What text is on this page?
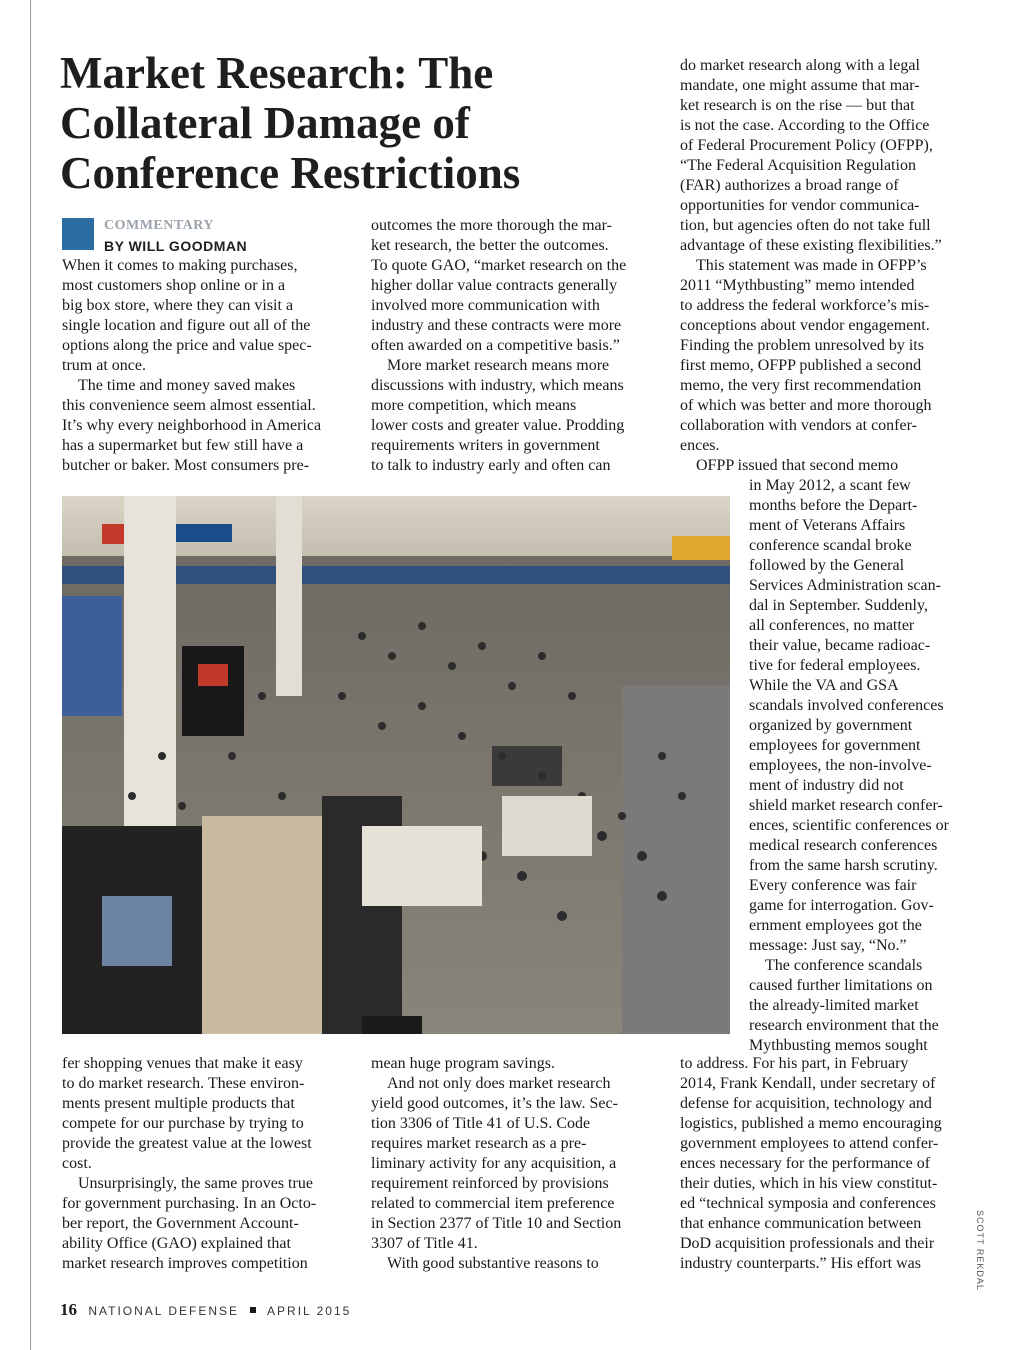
Market Research: The
Collateral Damage of
Conference Restrictions
COMMENTARY
BY WILL GOODMAN
When it comes to making purchases,
most customers shop online or in a
big box store, where they can visit a
single location and figure out all of the
options along the price and value spec-
trum at once.
The time and money saved makes
this convenience seem almost essential.
It’s why every neighborhood in America
has a supermarket but few still have a
butcher or baker. Most consumers pre-
outcomes the more thorough the mar-
ket research, the better the outcomes.
To quote GAO, “market research on the
higher dollar value contracts generally
involved more communication with
industry and these contracts were more
often awarded on a competitive basis.”
More market research means more
discussions with industry, which means
more competition, which means
lower costs and greater value. Prodding
requirements writers in government
to talk to industry early and often can
do market research along with a legal
mandate, one might assume that mar-
ket research is on the rise — but that
is not the case. According to the Office
of Federal Procurement Policy (OFPP),
“The Federal Acquisition Regulation
(FAR) authorizes a broad range of
opportunities for vendor communica-
tion, but agencies often do not take full
advantage of these existing flexibilities.”
This statement was made in OFPP’s
2011 “Mythbusting” memo intended
to address the federal workforce’s mis-
conceptions about vendor engagement.
Finding the problem unresolved by its
first memo, OFPP published a second
memo, the very first recommendation
of which was better and more thorough
collaboration with vendors at confer-
ences.
OFPP issued that second memo
in May 2012, a scant few
months before the Depart-
ment of Veterans Affairs
conference scandal broke
followed by the General
Services Administration scan-
dal in September. Suddenly,
all conferences, no matter
their value, became radioac-
tive for federal employees.
While the VA and GSA
scandals involved conferences
organized by government
employees for government
employees, the non-involve-
ment of industry did not
shield market research confer-
ences, scientific conferences or
medical research conferences
from the same harsh scrutiny.
Every conference was fair
game for interrogation. Gov-
ernment employees got the
message: Just say, “No.”
The conference scandals
caused further limitations on
the already-limited market
research environment that the
Mythbusting memos sought
fer shopping venues that make it easy
to do market research. These environ-
ments present multiple products that
compete for our purchase by trying to
provide the greatest value at the lowest
cost.
Unsurprisingly, the same proves true
for government purchasing. In an Octo-
ber report, the Government Account-
ability Office (GAO) explained that
market research improves competition
mean huge program savings.
And not only does market research
yield good outcomes, it’s the law. Sec-
tion 3306 of Title 41 of U.S. Code
requires market research as a pre-
liminary activity for any acquisition, a
requirement reinforced by provisions
related to commercial item preference
in Section 2377 of Title 10 and Section
3307 of Title 41.
With good substantive reasons to
to address. For his part, in February
2014, Frank Kendall, under secretary of
defense for acquisition, technology and
logistics, published a memo encouraging
government employees to attend confer-
ences necessary for the performance of
their duties, which in his view constitut-
ed “technical symposia and conferences
that enhance communication between
DoD acquisition professionals and their
industry counterparts.” His effort was	SCOTT REKDAL
16 NATIONAL DEFENSE APRIL 2015
